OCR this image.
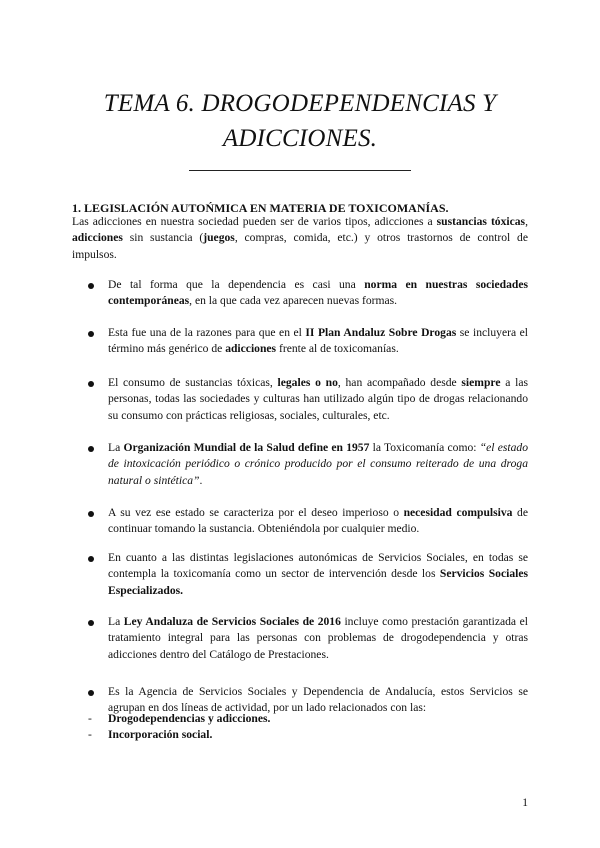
TEMA 6. DROGODEPENDENCIAS Y
ADICCIONES.
1. LEGISLACIÓN AUTOŃMICA EN MATERIA DE TOXICOMANÍAS.
Las adicciones en nuestra sociedad pueden ser de varios tipos, adicciones a sustancias tóxicas, adicciones sin sustancia (juegos, compras, comida, etc.) y otros trastornos de control de impulsos.
De tal forma que la dependencia es casi una norma en nuestras sociedades contemporáneas, en la que cada vez aparecen nuevas formas.
Esta fue una de la razones para que en el II Plan Andaluz Sobre Drogas se incluyera el término más genérico de adicciones frente al de toxicomanías.
El consumo de sustancias tóxicas, legales o no, han acompañado desde siempre a las personas, todas las sociedades y culturas han utilizado algún tipo de drogas relacionando su consumo con prácticas religiosas, sociales, culturales, etc.
La Organización Mundial de la Salud define en 1957 la Toxicomanía como: “el estado de intoxicación periódico o crónico producido por el consumo reiterado de una droga natural o sintética”.
A su vez ese estado se caracteriza por el deseo imperioso o necesidad compulsiva de continuar tomando la sustancia. Obteniéndola por cualquier medio.
En cuanto a las distintas legislaciones autonómicas de Servicios Sociales, en todas se contempla la toxicomanía como un sector de intervención desde los Servicios Sociales Especializados.
La Ley Andaluza de Servicios Sociales de 2016 incluye como prestación garantizada el tratamiento integral para las personas con problemas de drogodependencia y otras adicciones dentro del Catálogo de Prestaciones.
Es la Agencia de Servicios Sociales y Dependencia de Andalucía, estos Servicios se agrupan en dos líneas de actividad, por un lado relacionados con las:
- Drogodependencias y adicciones.
- Incorporación social.
1
